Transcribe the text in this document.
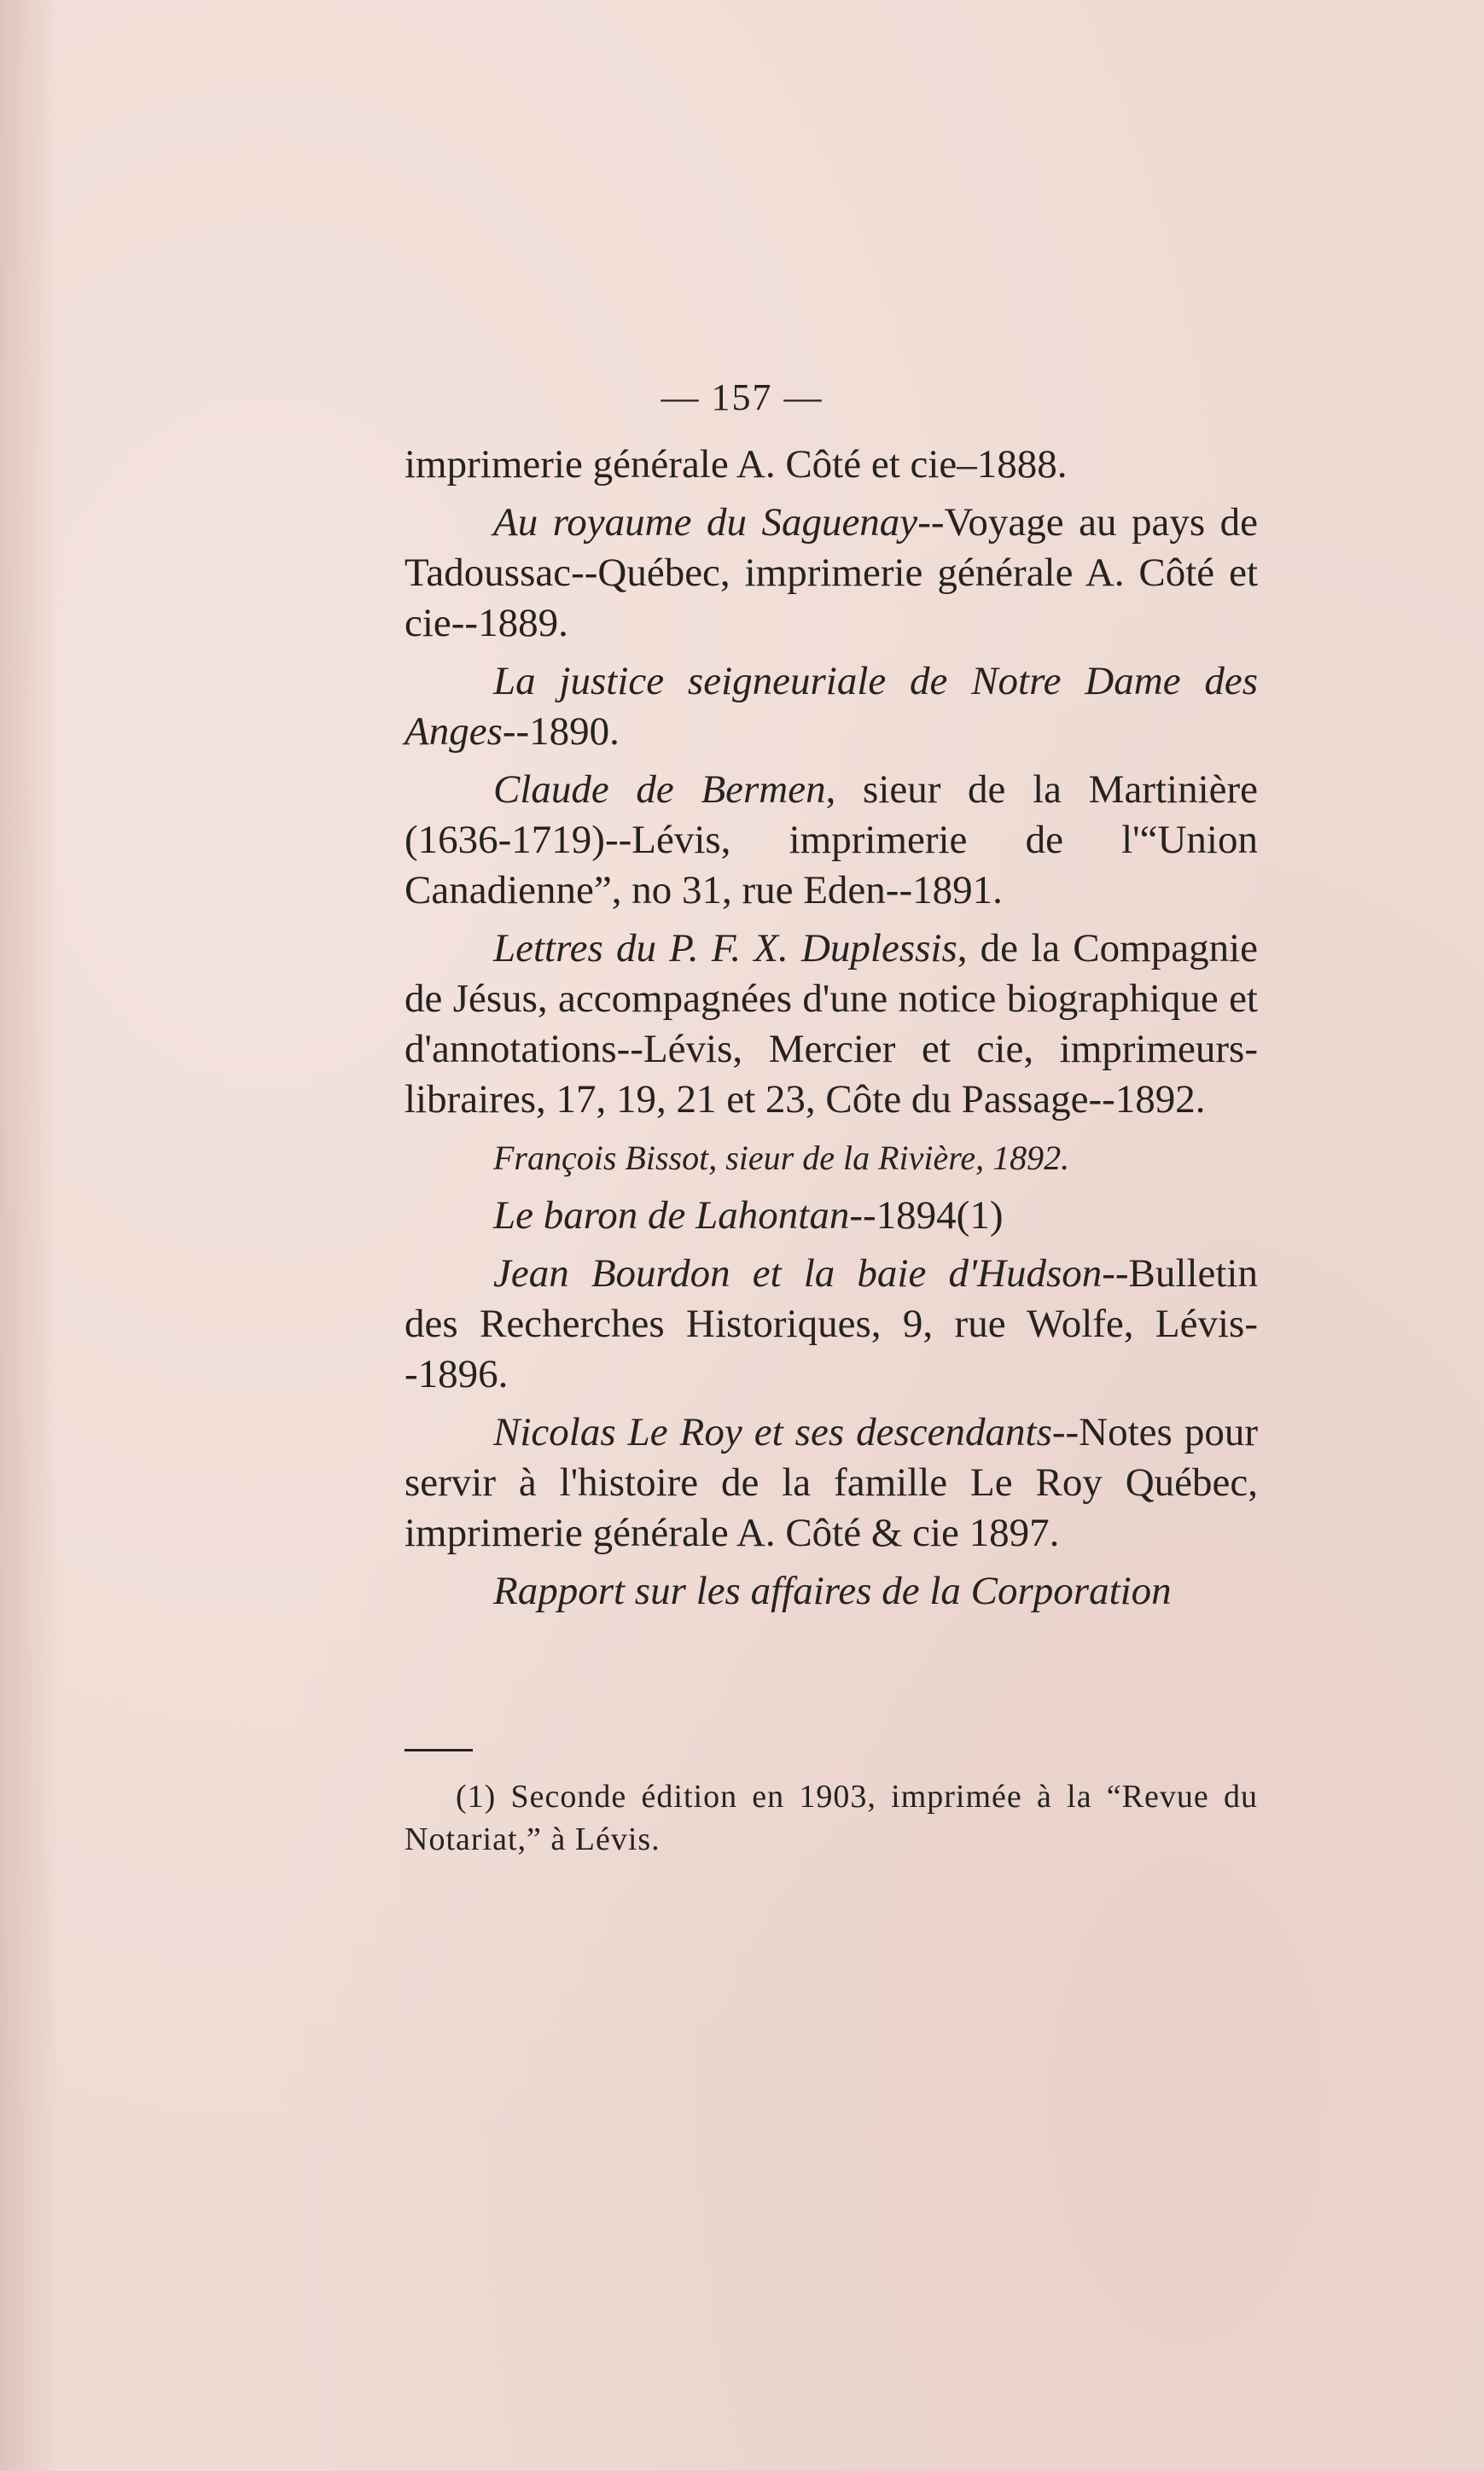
— 157 —

imprimerie générale A. Côté et cie–1888.

Au royaume du Saguenay--Voyage au pays de Tadoussac--Québec, imprimerie générale A. Côté et cie--1889.

La justice seigneuriale de Notre Dame des Anges--1890.

Claude de Bermen, sieur de la Martinière (1636-1719)--Lévis, imprimerie de l'“Union Canadienne”, no 31, rue Eden--1891.

Lettres du P. F. X. Duplessis, de la Compagnie de Jésus, accompagnées d'une notice biographique et d'annotations--Lévis, Mercier et cie, imprimeurs-libraires, 17, 19, 21 et 23, Côte du Passage--1892.

François Bissot, sieur de la Rivière, 1892.

Le baron de Lahontan--1894(1)

Jean Bourdon et la baie d'Hudson--Bulletin des Recherches Historiques, 9, rue Wolfe, Lévis--1896.

Nicolas Le Roy et ses descendants--Notes pour servir à l'histoire de la famille Le Roy Québec, imprimerie générale A. Côté & cie 1897.

Rapport sur les affaires de la Corporation

(1) Seconde édition en 1903, imprimée à la “Revue du Notariat,” à Lévis.
